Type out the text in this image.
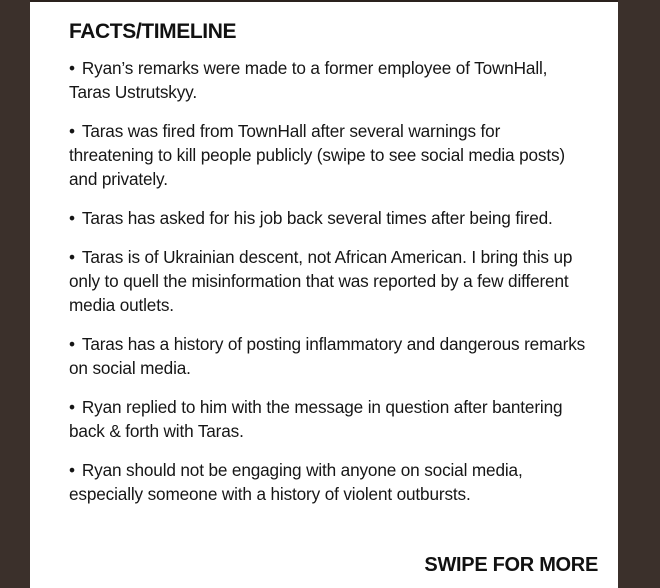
FACTS/TIMELINE
• Ryan’s remarks were made to a former employee of TownHall, Taras Ustrutskyy.
• Taras was fired from TownHall after several warnings for threatening to kill people publicly (swipe to see social media posts) and privately.
• Taras has asked for his job back several times after being fired.
• Taras is of Ukrainian descent, not African American. I bring this up only to quell the misinformation that was reported by a few different media outlets.
• Taras has a history of posting inflammatory and dangerous remarks on social media.
• Ryan replied to him with the message in question after bantering back & forth with Taras.
• Ryan should not be engaging with anyone on social media, especially someone with a history of violent outbursts.

SWIPE FOR MORE
